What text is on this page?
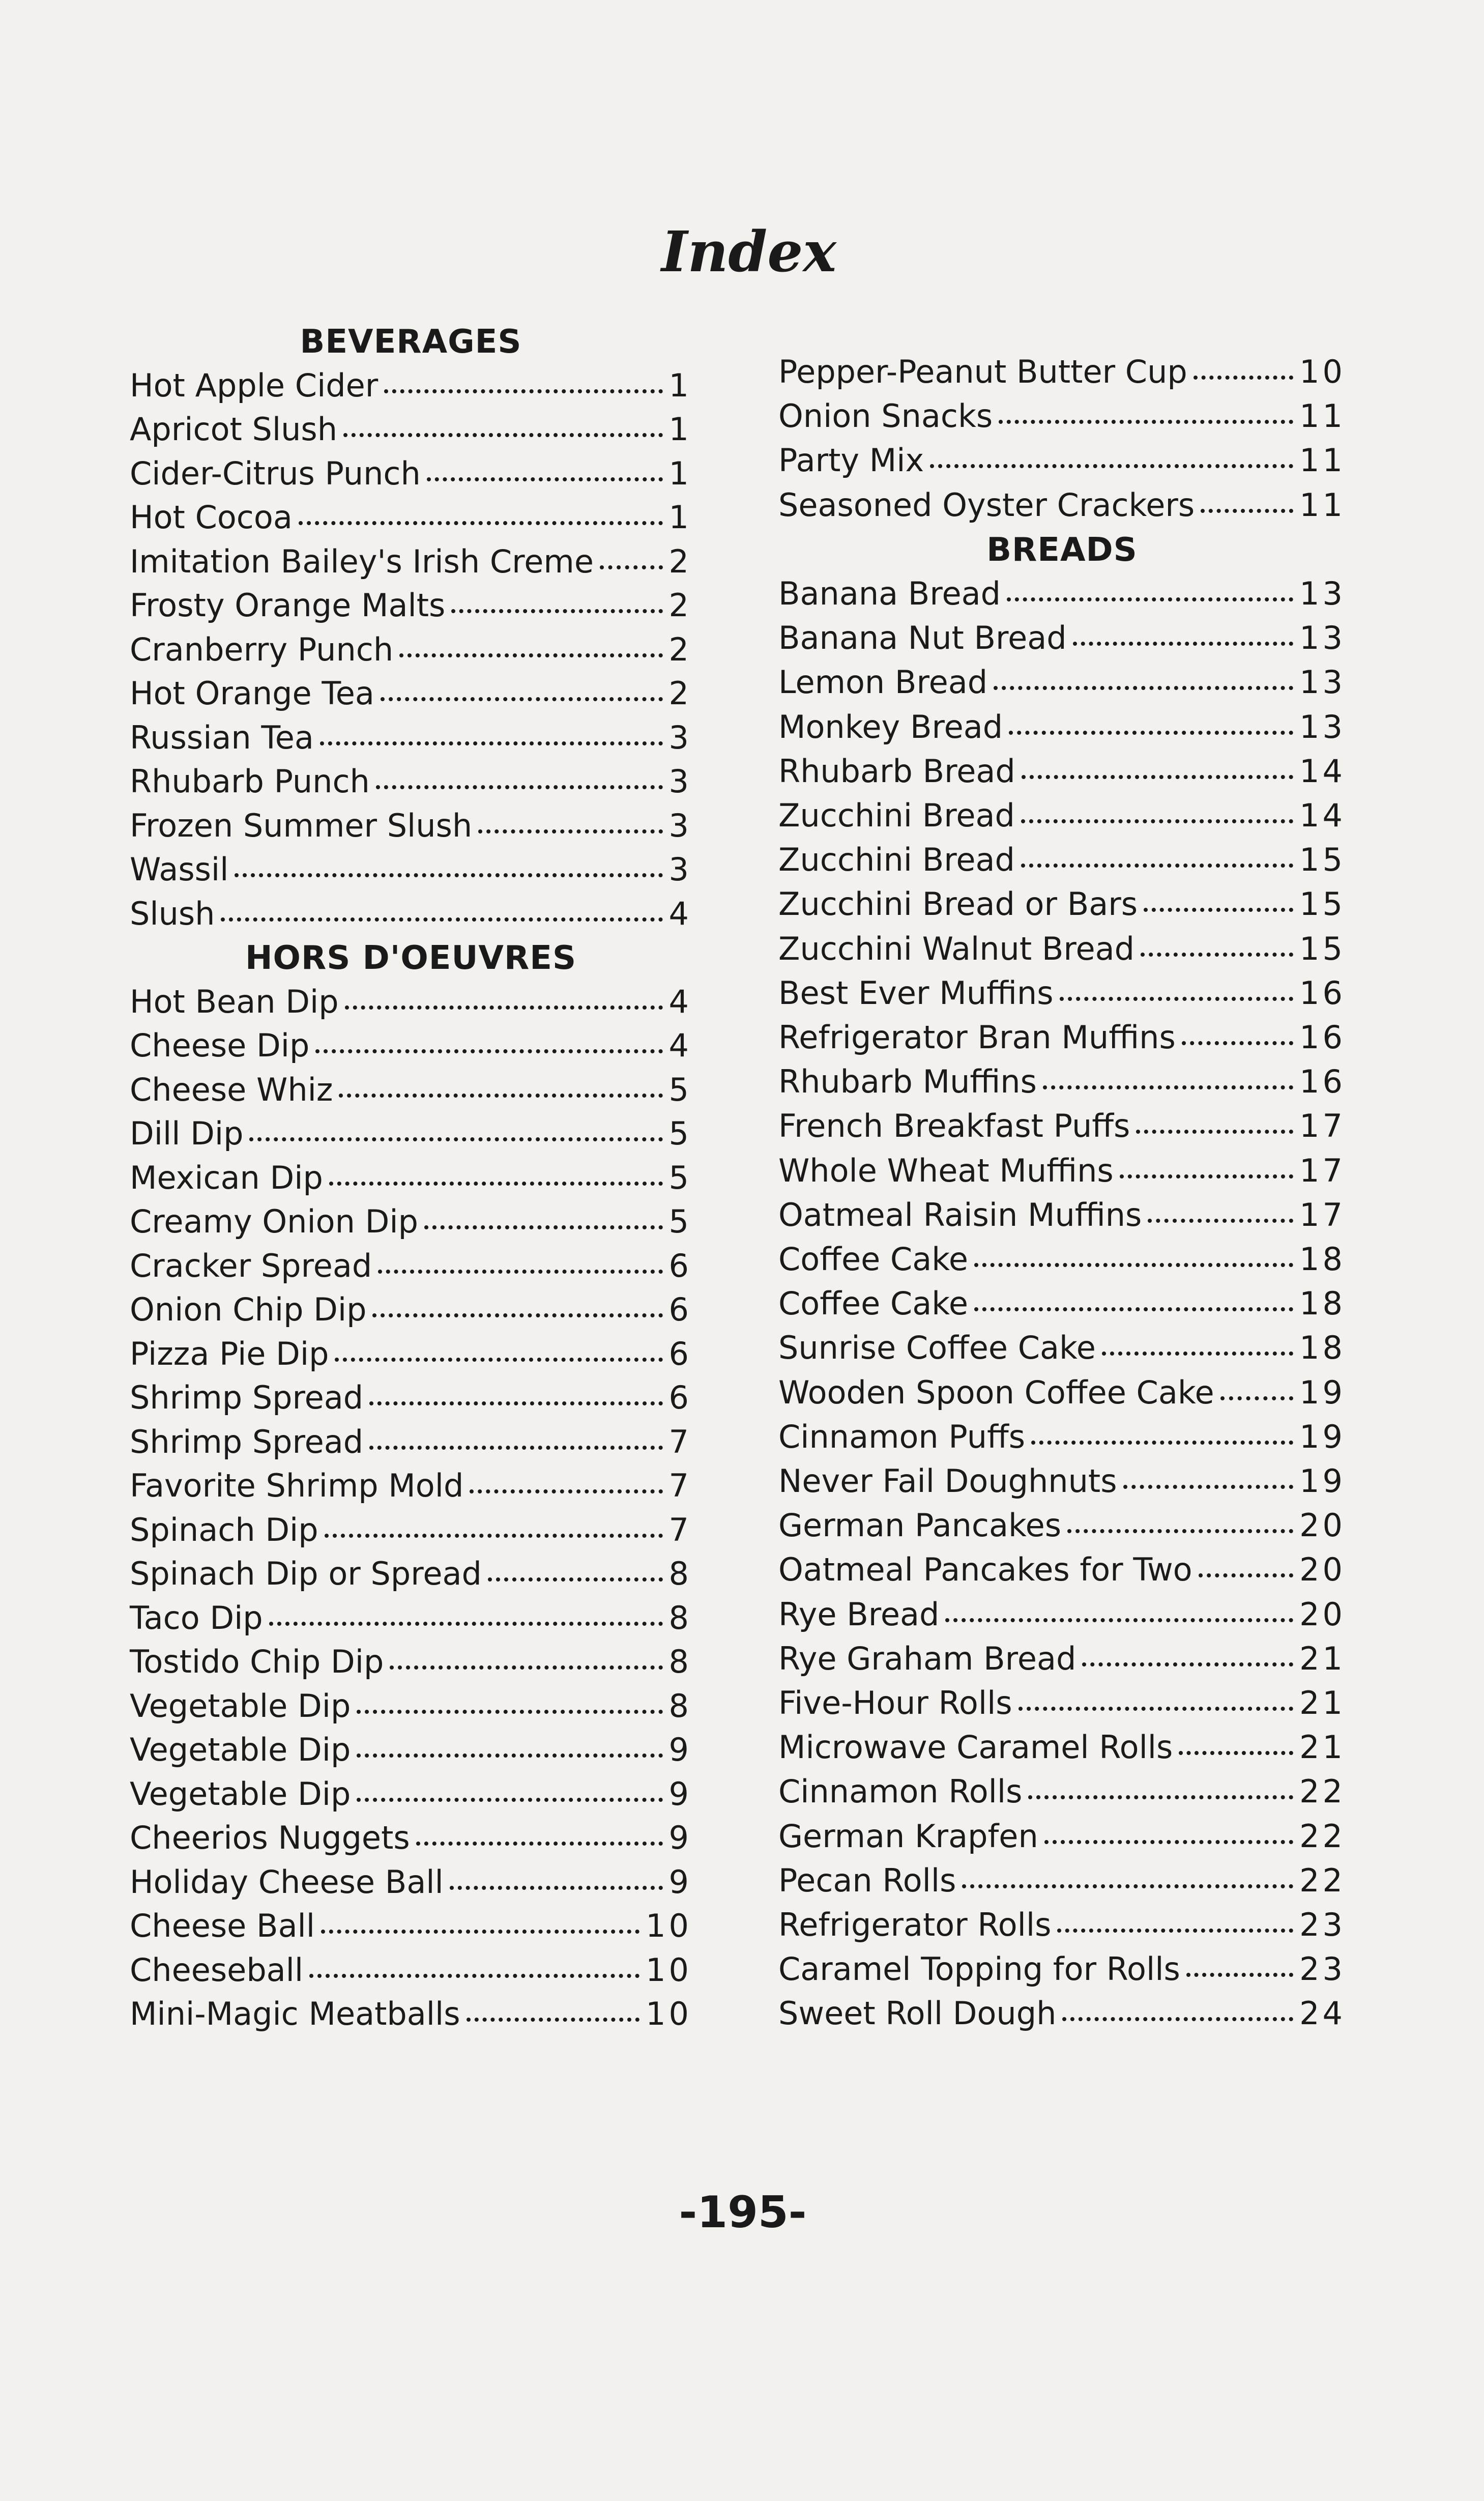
Index
BEVERAGES
Hot Apple Cider	1
Apricot Slush	1
Cider-Citrus Punch	1
Hot Cocoa	1
Imitation Bailey's Irish Creme 2
Frosty Orange Malts	2
Cranberry Punch	2
Hot Orange Tea	2
Russian Tea	3
Rhubarb Punch	3
Frozen Summer Slush	3
Wassil	3
Slush	4
HORS D'OEUVRES
Hot Bean Dip	4
Cheese Dip	4
Cheese Whiz	5
Dill Dip	5
Mexican Dip	5
Creamy Onion Dip	5
Cracker Spread	6
Onion Chip Dip	6
Pizza Pie Dip	6
Shrimp Spread	6
Shrimp Spread	7
Favorite Shrimp Mold	7
Spinach Dip	7
Spinach Dip or Spread	8
Taco Dip	8
Tostido Chip Dip	8
Vegetable Dip	8
Vegetable Dip	9
Vegetable Dip	9
Cheerios Nuggets	9
Holiday Cheese Ball	9
Cheese Ball	10
Cheeseball	10
Mini-Magic Meatballs	10
Pepper-Peanut Butter Cup	10
Onion Snacks	11
Party Mix	11
Seasoned Oyster Crackers	11
BREADS
Banana Bread	13
Banana Nut Bread	13
Lemon Bread	13
Monkey Bread	13
Rhubarb Bread	14
Zucchini Bread	14
Zucchini Bread	15
Zucchini Bread or Bars	15
Zucchini Walnut Bread	15
Best Ever Muffins	16
Refrigerator Bran Muffins	16
Rhubarb Muffins	16
French Breakfast Puffs	17
Whole Wheat Muffins	17
Oatmeal Raisin Muffins	17
Coffee Cake	18
Coffee Cake	18
Sunrise Coffee Cake	18
Wooden Spoon Coffee Cake	19
Cinnamon Puffs	19
Never Fail Doughnuts	19
German Pancakes	20
Oatmeal Pancakes for Two	20
Rye Bread	20
Rye Graham Bread	21
Five-Hour Rolls	21
Microwave Caramel Rolls	21
Cinnamon Rolls	22
German Krapfen	22
Pecan Rolls	22
Refrigerator Rolls	23
Caramel Topping for Rolls	23
Sweet Roll Dough	24
-195-
